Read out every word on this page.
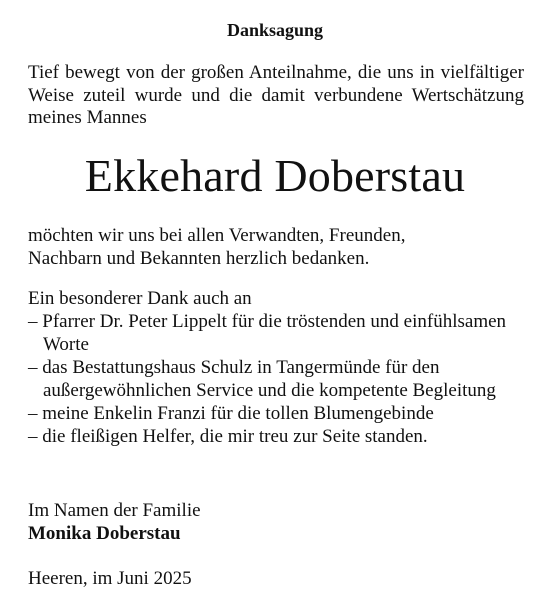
Danksagung
Tief bewegt von der großen Anteilnahme, die uns in vielfältiger Weise zuteil wurde und die damit verbundene Wertschätzung meines Mannes
Ekkehard Doberstau
möchten wir uns bei allen Verwandten, Freunden,
Nachbarn und Bekannten herzlich bedanken.
Ein besonderer Dank auch an
– Pfarrer Dr. Peter Lippelt für die tröstenden und einfühlsamen Worte
– das Bestattungshaus Schulz in Tangermünde für den außergewöhnlichen Service und die kompetente Begleitung
– meine Enkelin Franzi für die tollen Blumengebinde
– die fleißigen Helfer, die mir treu zur Seite standen.
Im Namen der Familie
Monika Doberstau
Heeren, im Juni 2025
